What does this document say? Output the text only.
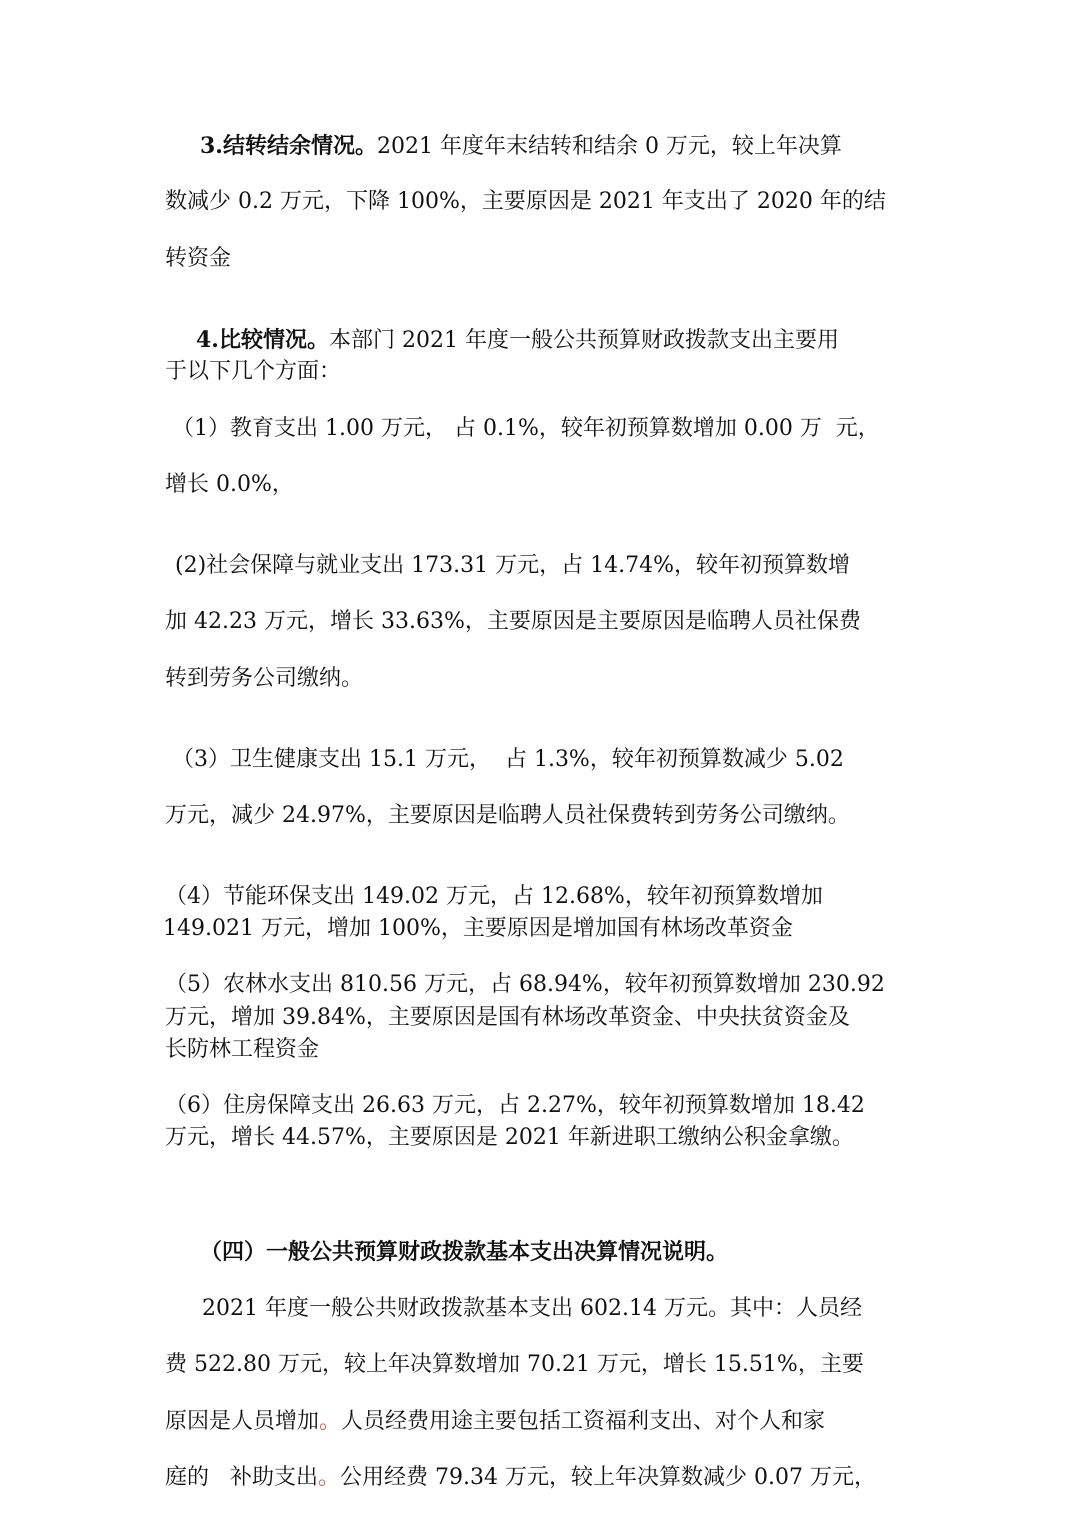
3.结转结余情况。2021 年度年末结转和结余 0 万元，较上年决算
数减少 0.2 万元，下降 100%，主要原因是 2021 年支出了 2020 年的结
转资金
4.比较情况。本部门 2021 年度一般公共预算财政拨款支出主要用
于以下几个方面：
（1）教育支出 1.00 万元， 占 0.1%，较年初预算数增加 0.00 万  元，
增长 0.0%，
(2)社会保障与就业支出 173.31 万元，占 14.74%，较年初预算数增
加 42.23 万元，增长 33.63%，主要原因是主要原因是临聘人员社保费
转到劳务公司缴纳。
（3）卫生健康支出 15.1 万元，  占 1.3%，较年初预算数减少 5.02
万元，减少 24.97%，主要原因是临聘人员社保费转到劳务公司缴纳。
（4）节能环保支出 149.02 万元，占 12.68%，较年初预算数增加
149.021 万元，增加 100%，主要原因是增加国有林场改革资金
（5）农林水支出 810.56 万元，占 68.94%，较年初预算数增加 230.92
万元，增加 39.84%，主要原因是国有林场改革资金、中央扶贫资金及
长防林工程资金
（6）住房保障支出 26.63 万元，占 2.27%，较年初预算数增加 18.42
万元，增长 44.57%，主要原因是 2021 年新进职工缴纳公积金拿缴。
（四）一般公共预算财政拨款基本支出决算情况说明。
2021 年度一般公共财政拨款基本支出 602.14 万元。其中：人员经
费 522.80 万元，较上年决算数增加 70.21 万元，增长 15.51%，主要
原因是人员增加。人员经费用途主要包括工资福利支出、对个人和家
庭的   补助支出。公用经费 79.34 万元，较上年决算数减少 0.07 万元，
